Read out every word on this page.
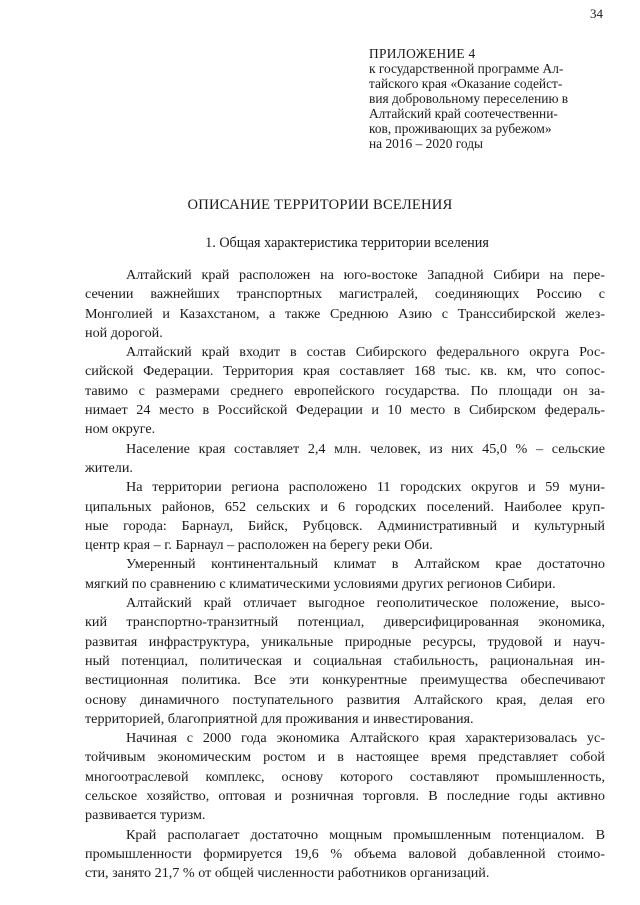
34
ПРИЛОЖЕНИЕ 4
к государственной программе Ал-
тайского края «Оказание содейст-
вия добровольному переселению в
Алтайский край соотечественни-
ков, проживающих за рубежом»
на 2016 – 2020 годы
ОПИСАНИЕ ТЕРРИТОРИИ ВСЕЛЕНИЯ
1. Общая характеристика территории вселения
Алтайский край расположен на юго-востоке Западной Сибири на пере-
сечении важнейших транспортных магистралей, соединяющих Россию с
Монголией и Казахстаном, а также Среднюю Азию с Транссибирской желез-
ной дорогой.
Алтайский край входит в состав Сибирского федерального округа Рос-
сийской Федерации. Территория края составляет 168 тыс. кв. км, что сопос-
тавимо с размерами среднего европейского государства. По площади он за-
нимает 24 место в Российской Федерации и 10 место в Сибирском федераль-
ном округе.
Население края составляет 2,4 млн. человек, из них 45,0 % – сельские
жители.
На территории региона расположено 11 городских округов и 59 муни-
ципальных районов, 652 сельских и 6 городских поселений. Наиболее круп-
ные города: Барнаул, Бийск, Рубцовск. Административный и культурный
центр края – г. Барнаул – расположен на берегу реки Оби.
Умеренный континентальный климат в Алтайском крае достаточно
мягкий по сравнению с климатическими условиями других регионов Сибири.
Алтайский край отличает выгодное геополитическое положение, высо-
кий транспортно-транзитный потенциал, диверсифицированная экономика,
развитая инфраструктура, уникальные природные ресурсы, трудовой и науч-
ный потенциал, политическая и социальная стабильность, рациональная ин-
вестиционная политика. Все эти конкурентные преимущества обеспечивают
основу динамичного поступательного развития Алтайского края, делая его
территорией, благоприятной для проживания и инвестирования.
Начиная с 2000 года экономика Алтайского края характеризовалась ус-
тойчивым экономическим ростом и в настоящее время представляет собой
многоотраслевой комплекс, основу которого составляют промышленность,
сельское хозяйство, оптовая и розничная торговля. В последние годы активно
развивается туризм.
Край располагает достаточно мощным промышленным потенциалом. В
промышленности формируется 19,6 % объема валовой добавленной стоимо-
сти, занято 21,7 % от общей численности работников организаций.
